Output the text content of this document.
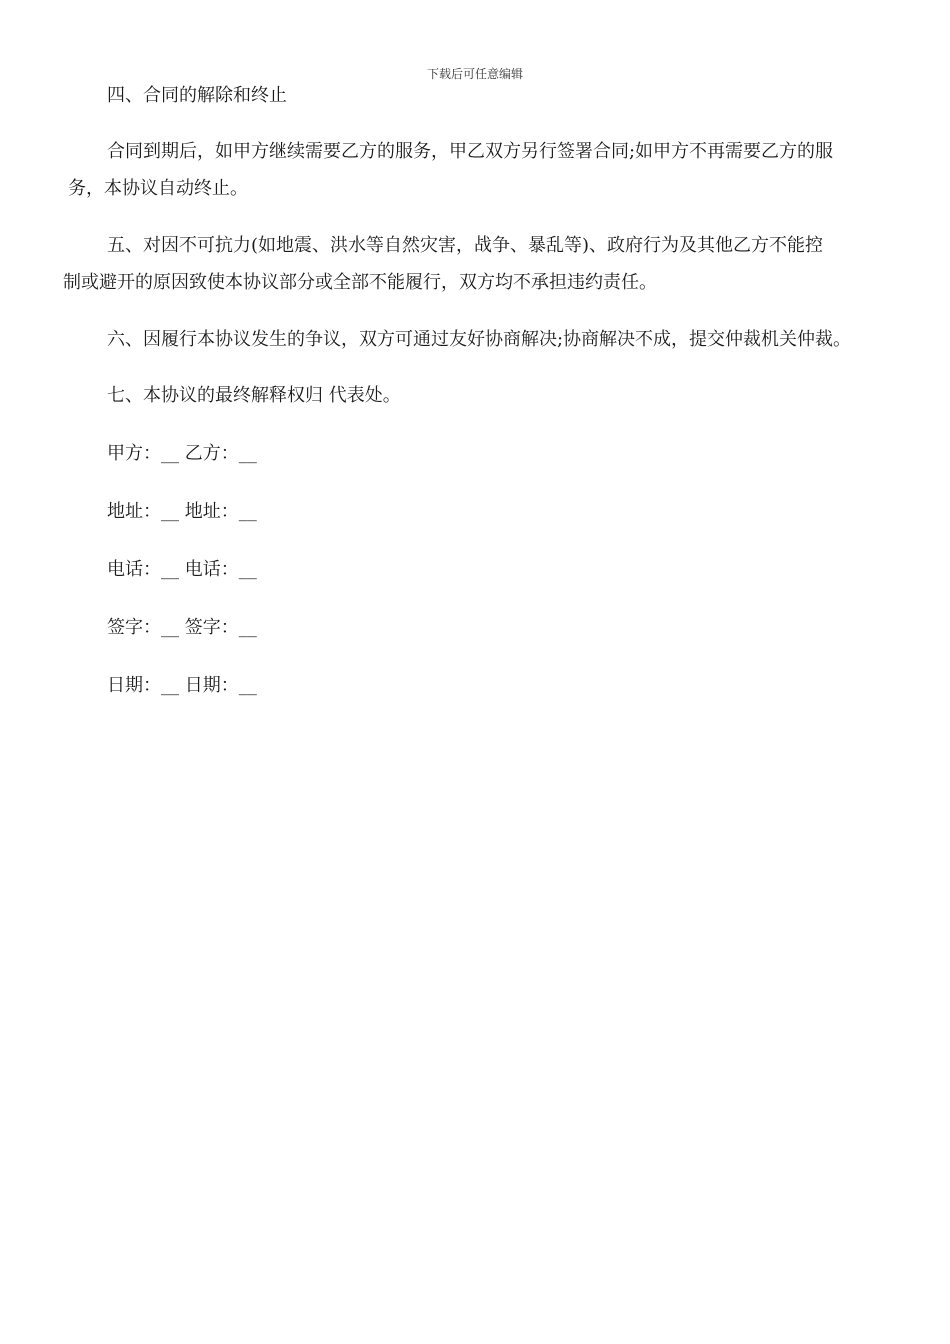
下载后可任意编辑
四、合同的解除和终止
合同到期后，如甲方继续需要乙方的服务，甲乙双方另行签署合同;如甲方不再需要乙方的服
务，本协议自动终止。
五、对因不可抗力(如地震、洪水等自然灾害，战争、暴乱等)、政府行为及其他乙方不能控
制或避开的原因致使本协议部分或全部不能履行，双方均不承担违约责任。
六、因履行本协议发生的争议，双方可通过友好协商解决;协商解决不成，提交仲裁机关仲裁。
七、本协议的最终解释权归 代表处。
甲方：__ 乙方：__
地址：__ 地址：__
电话：__ 电话：__
签字：__ 签字：__
日期：__ 日期：__
